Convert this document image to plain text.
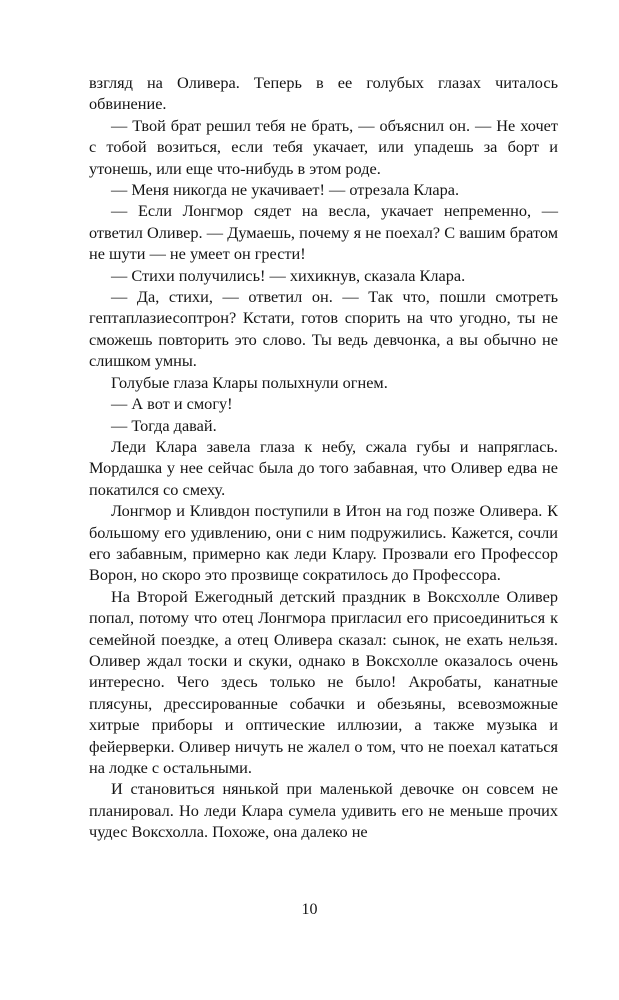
взгляд на Оливера. Теперь в ее голубых глазах читалось обвинение.

— Твой брат решил тебя не брать, — объяснил он. — Не хочет с тобой возиться, если тебя укачает, или упадешь за борт и утонешь, или еще что-нибудь в этом роде.

— Меня никогда не укачивает! — отрезала Клара.

— Если Лонгмор сядет на весла, укачает непременно, — ответил Оливер. — Думаешь, почему я не поехал? С вашим братом не шути — не умеет он грести!

— Стихи получились! — хихикнув, сказала Клара.

— Да, стихи, — ответил он. — Так что, пошли смотреть гептаплазиесоптрон? Кстати, готов спорить на что угодно, ты не сможешь повторить это слово. Ты ведь девчонка, а вы обычно не слишком умны.

Голубые глаза Клары полыхнули огнем.

— А вот и смогу!

— Тогда давай.

Леди Клара завела глаза к небу, сжала губы и напряглась. Мордашка у нее сейчас была до того забавная, что Оливер едва не покатился со смеху.

Лонгмор и Кливдон поступили в Итон на год позже Оливера. К большому его удивлению, они с ним подружились. Кажется, сочли его забавным, примерно как леди Клару. Прозвали его Профессор Ворон, но скоро это прозвище сократилось до Профессора.

На Второй Ежегодный детский праздник в Воксхолле Оливер попал, потому что отец Лонгмора пригласил его присоединиться к семейной поездке, а отец Оливера сказал: сынок, не ехать нельзя. Оливер ждал тоски и скуки, однако в Воксхолле оказалось очень интересно. Чего здесь только не было! Акробаты, канатные плясуны, дрессированные собачки и обезьяны, всевозможные хитрые приборы и оптические иллюзии, а также музыка и фейерверки. Оливер ничуть не жалел о том, что не поехал кататься на лодке с остальными.

И становиться нянькой при маленькой девочке он совсем не планировал. Но леди Клара сумела удивить его не меньше прочих чудес Воксхолла. Похоже, она далеко не

10
